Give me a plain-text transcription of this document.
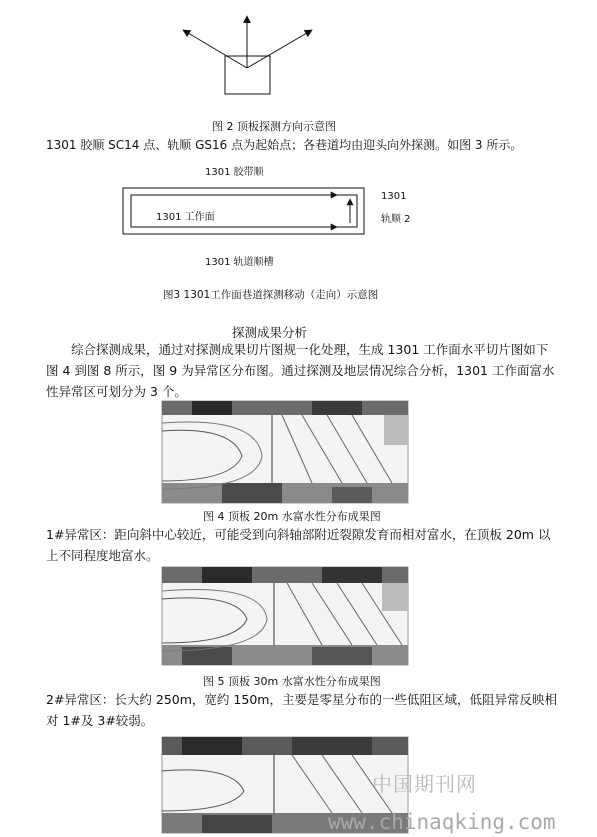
图 2 顶板探测方向示意图
1301 胶顺 SC14 点、轨顺 GS16 点为起始点；各巷道均由迎头向外探测。如图 3 所示。
1301 胶带顺
1301 工作面
1301
轨顺 2
1301 轨道顺槽
图3 1301工作面巷道探测移动（走向）示意图
探测成果分析
综合探测成果，通过对探测成果切片图规一化处理，生成 1301 工作面水平切片图如下图 4 到图 8 所示，图 9 为异常区分布图。通过探测及地层情况综合分析，1301 工作面富水性异常区可划分为 3 个。
图 4 顶板 20m 水富水性分布成果图
1#异常区：距向斜中心较近，可能受到向斜轴部附近裂隙发育而相对富水，在顶板 20m 以上不同程度地富水。
图 5 顶板 30m 水富水性分布成果图
2#异常区：长大约 250m，宽约 150m，主要是零星分布的一些低阻区域，低阻异常反映相对 1#及 3#较弱。
中国期刊网
www.chinaqking.com
